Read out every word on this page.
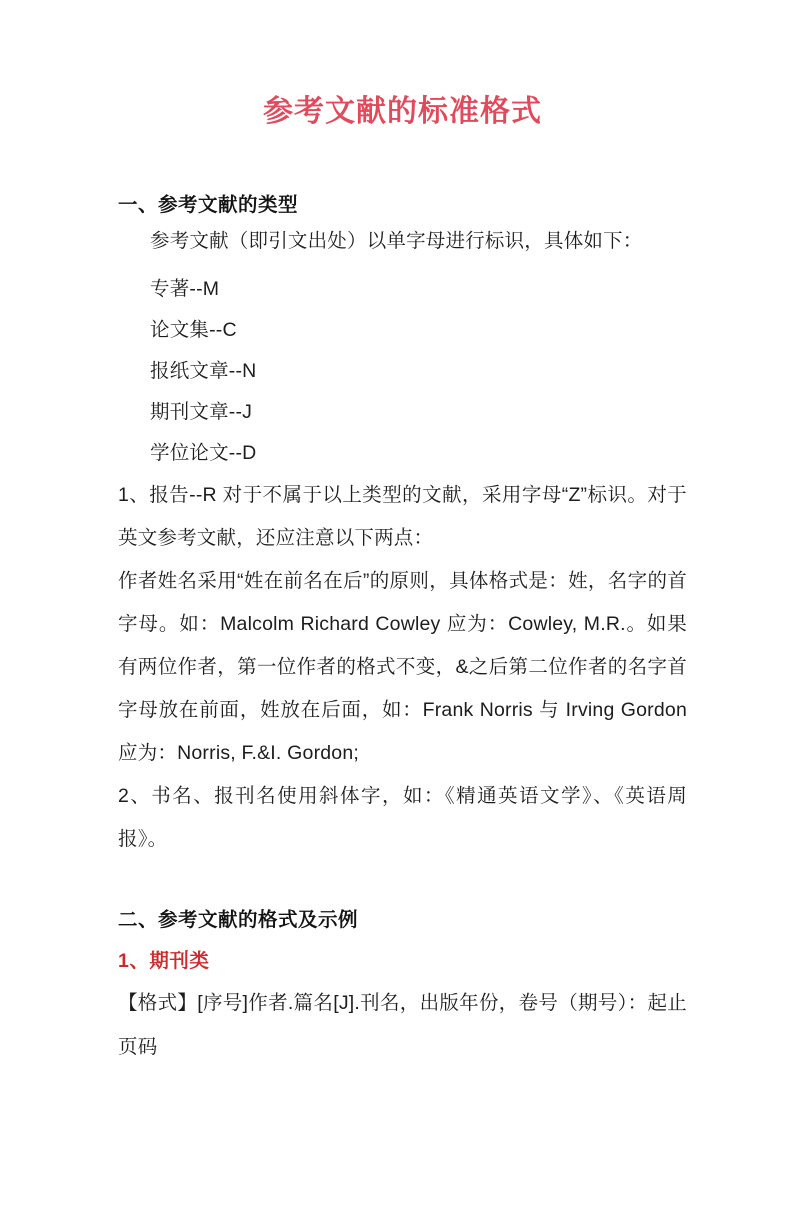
参考文献的标准格式
一、参考文献的类型

参考文献（即引文出处）以单字母进行标识，具体如下：

专著--M

论文集--C

报纸文章--N

期刊文章--J

学位论文--D

1、报告--R 对于不属于以上类型的文献，采用字母“Z”标识。对于英文参考文献，还应注意以下两点：

作者姓名采用“姓在前名在后”的原则，具体格式是：姓，名字的首字母。如：Malcolm Richard Cowley 应为：Cowley, M.R.。如果有两位作者，第一位作者的格式不变，&之后第二位作者的名字首字母放在前面，姓放在后面，如：Frank Norris 与 Irving Gordon 应为：Norris, F.&I. Gordon;

2、书名、报刊名使用斜体字，如：《精通英语文学》、《英语周报》。

二、参考文献的格式及示例
1、期刊类

【格式】[序号]作者.篇名[J].刊名，出版年份，卷号（期号）：起止页码
